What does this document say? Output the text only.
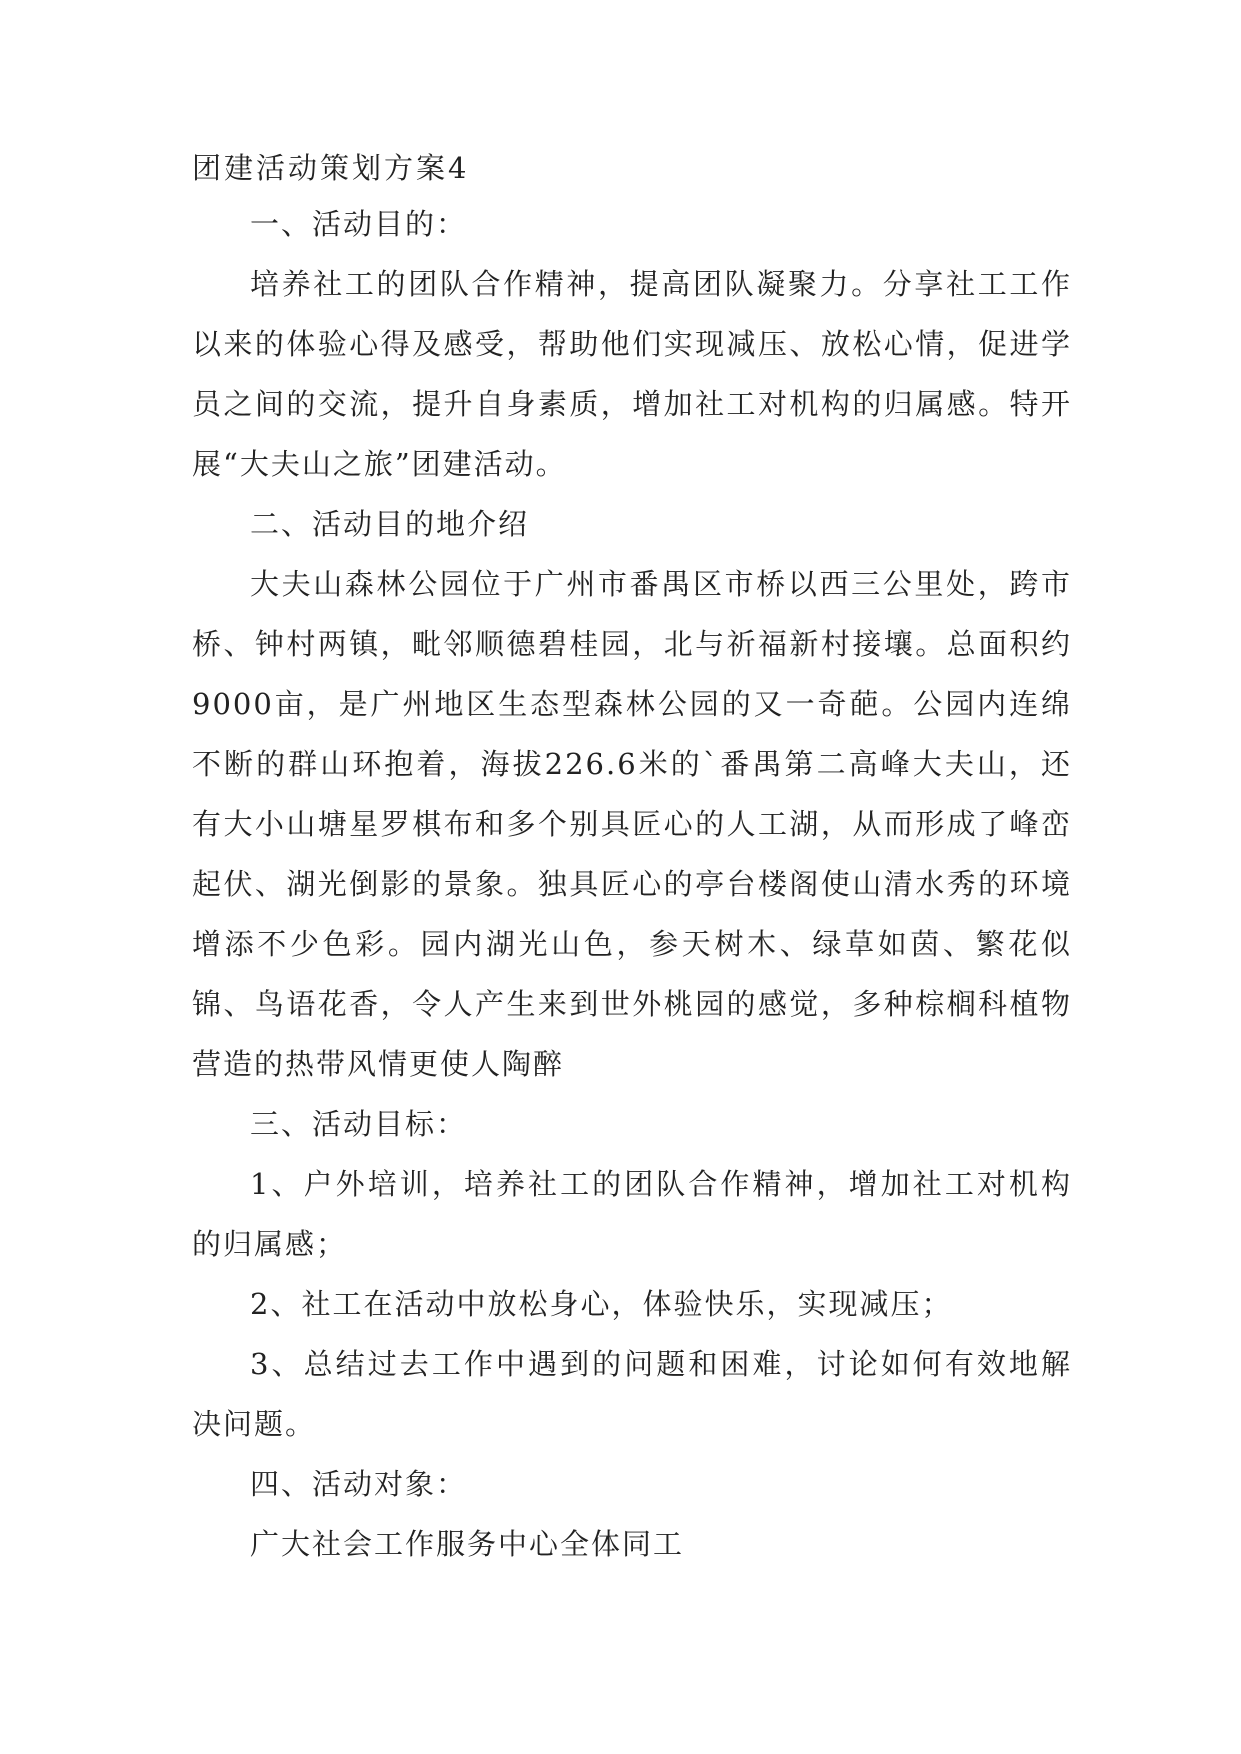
团建活动策划方案4

一、活动目的：

培养社工的团队合作精神，提高团队凝聚力。分享社工工作以来的体验心得及感受，帮助他们实现减压、放松心情，促进学员之间的交流，提升自身素质，增加社工对机构的归属感。特开展“大夫山之旅”团建活动。

二、活动目的地介绍

大夫山森林公园位于广州市番禺区市桥以西三公里处，跨市桥、钟村两镇，毗邻顺德碧桂园，北与祈福新村接壤。总面积约9000亩，是广州地区生态型森林公园的又一奇葩。公园内连绵不断的群山环抱着，海拔226.6米的`番禺第二高峰大夫山，还有大小山塘星罗棋布和多个别具匠心的人工湖，从而形成了峰峦起伏、湖光倒影的景象。独具匠心的亭台楼阁使山清水秀的环境增添不少色彩。园内湖光山色，参天树木、绿草如茵、繁花似锦、鸟语花香，令人产生来到世外桃园的感觉，多种棕榈科植物营造的热带风情更使人陶醉

三、活动目标：

1、户外培训，培养社工的团队合作精神，增加社工对机构的归属感；

2、社工在活动中放松身心，体验快乐，实现减压；

3、总结过去工作中遇到的问题和困难，讨论如何有效地解决问题。

四、活动对象：

广大社会工作服务中心全体同工
